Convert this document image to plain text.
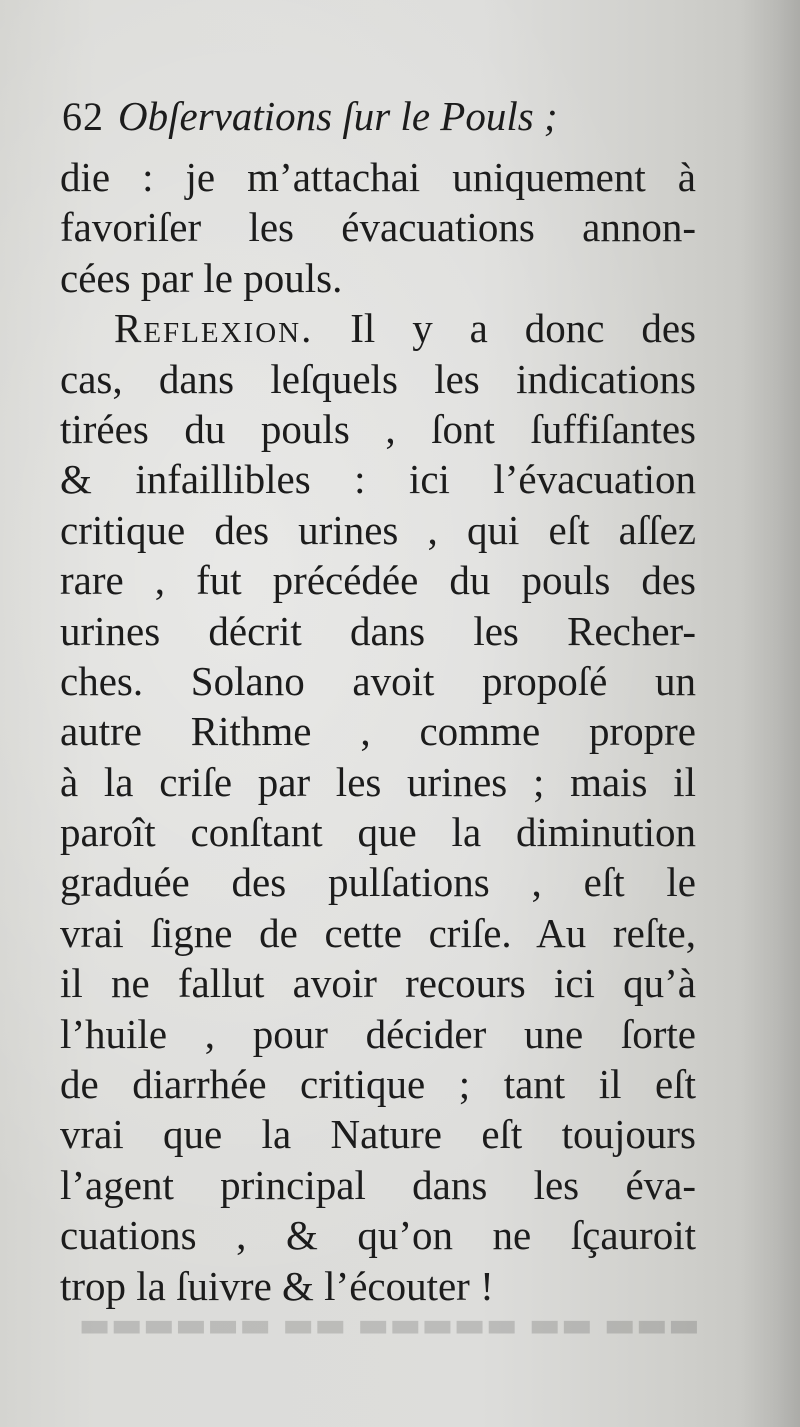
▬▬▬ ▬▬ ▬▬▬▬▬ ▬▬ ▬▬▬▬▬▬
62 Obſervations ſur le Pouls ;
die : je m’attachai uniquement à
favoriſer les évacuations annon-
cées par le pouls.
Reflexion. Il y a donc des
cas, dans leſquels les indications
tirées du pouls , ſont ſuffiſantes
& infaillibles : ici l’évacuation
critique des urines , qui eſt aſſez
rare , fut précédée du pouls des
urines décrit dans les Recher-
ches. Solano avoit propoſé un
autre Rithme , comme propre
à la criſe par les urines ; mais il
paroît conſtant que la diminution
graduée des pulſations , eſt le
vrai ſigne de cette criſe. Au reſte,
il ne fallut avoir recours ici qu’à
l’huile , pour décider une ſorte
de diarrhée critique ; tant il eſt
vrai que la Nature eſt toujours
l’agent principal dans les éva-
cuations , & qu’on ne ſçauroit
trop la ſuivre & l’écouter !
